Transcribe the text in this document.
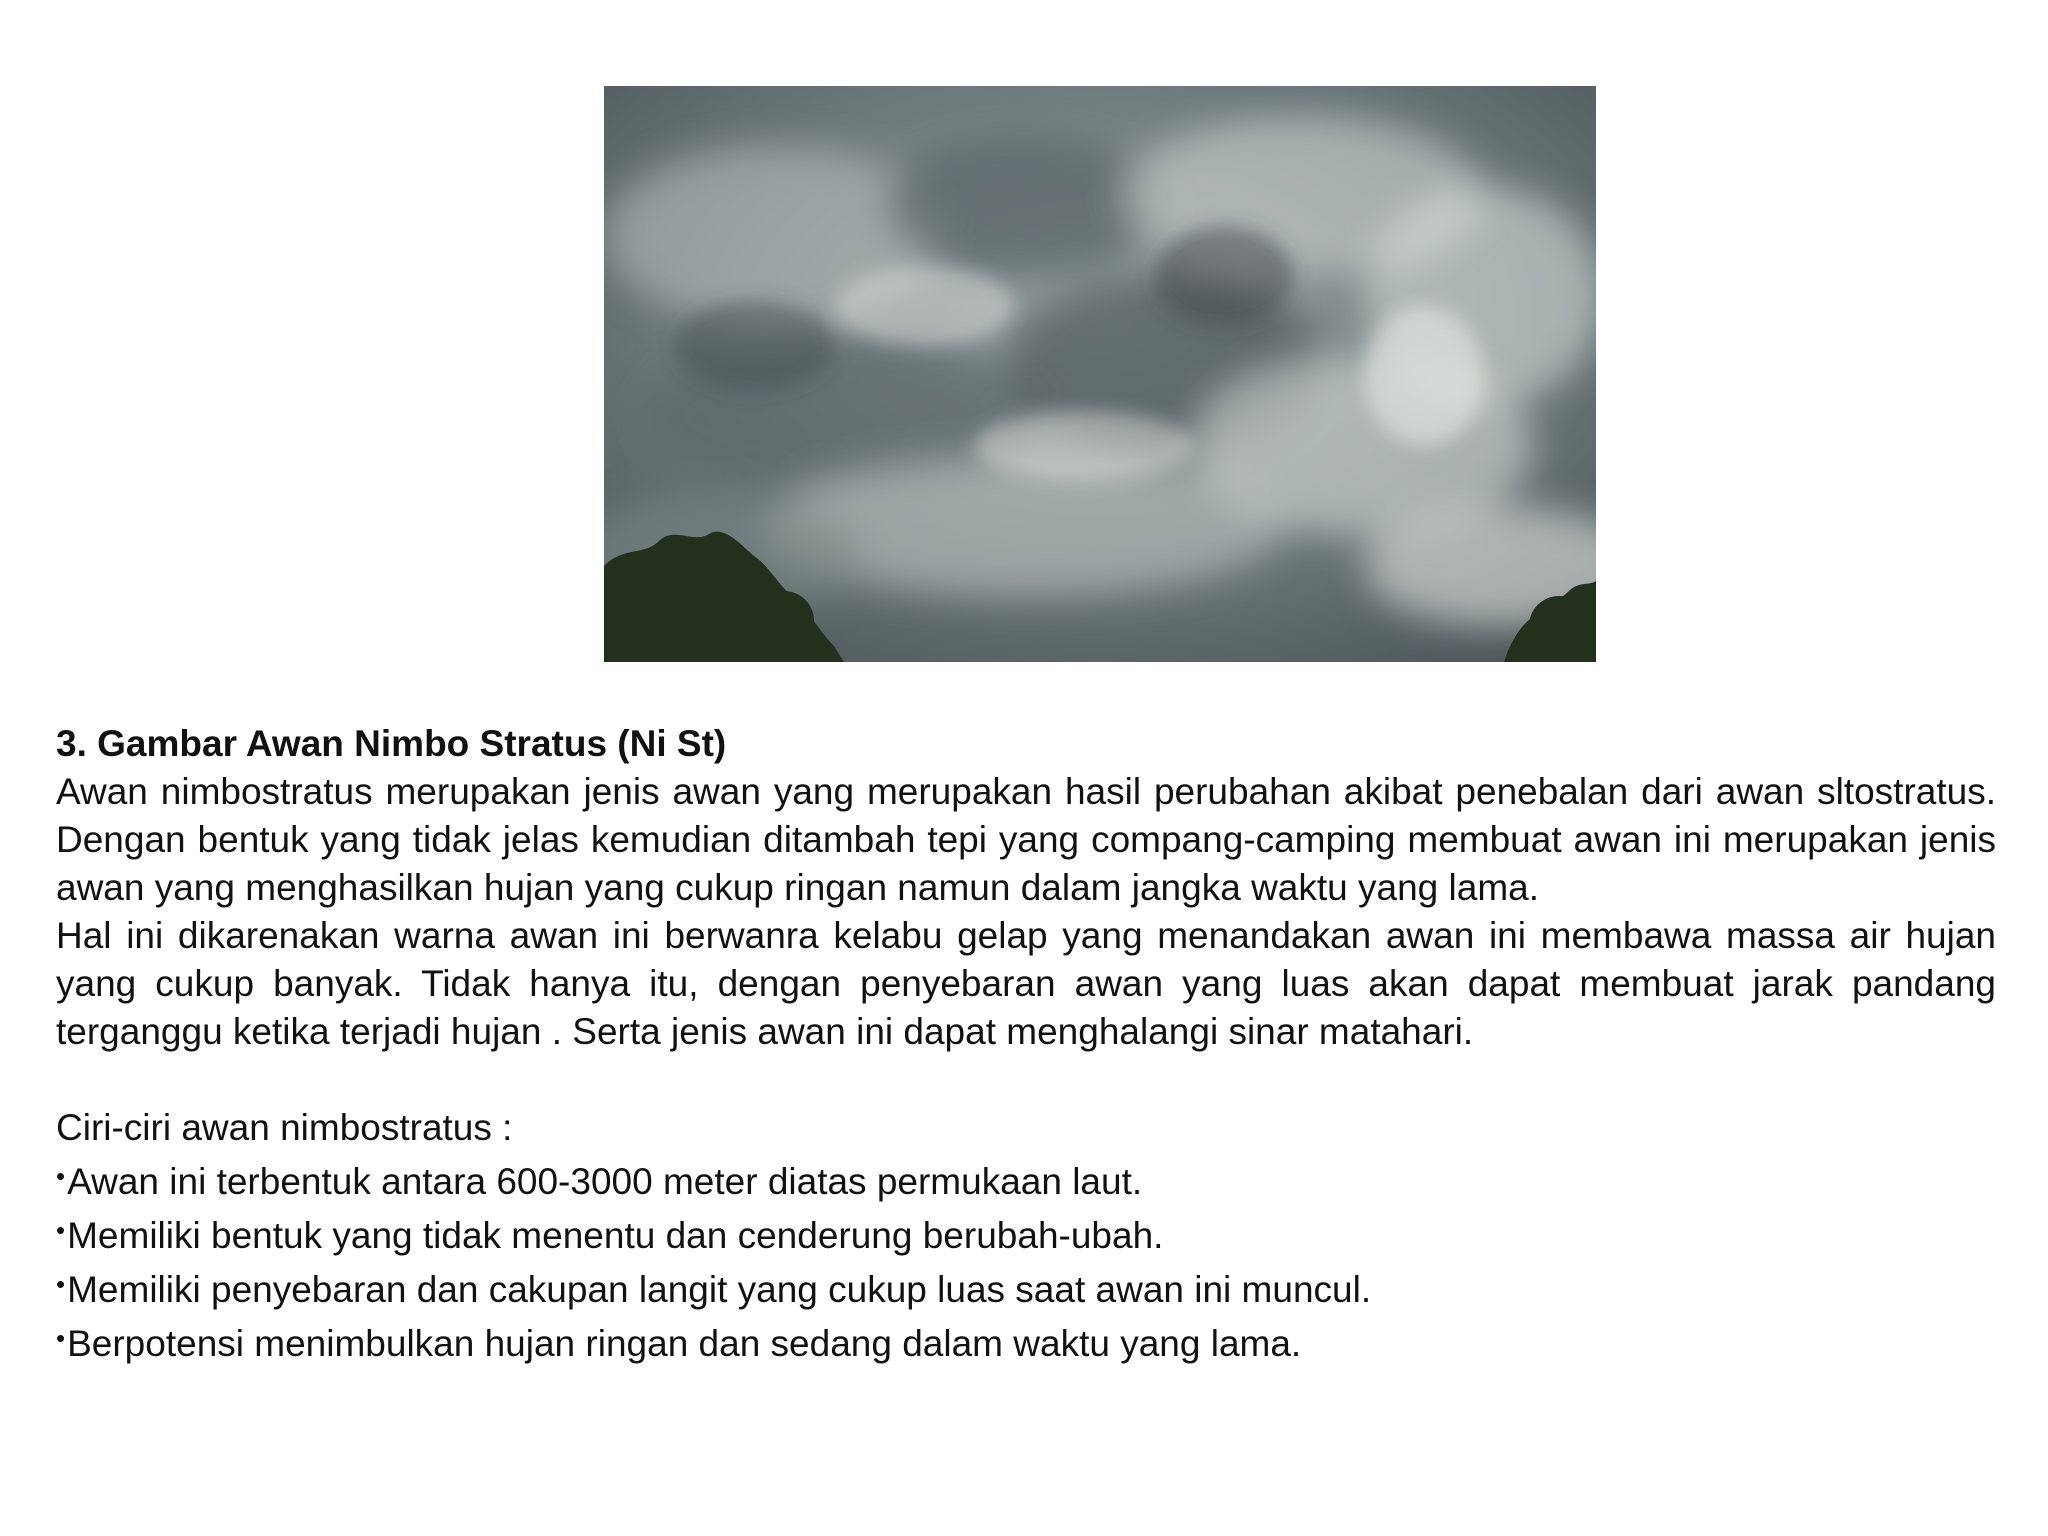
3. Gambar Awan Nimbo Stratus (Ni St)

Awan nimbostratus merupakan jenis awan yang merupakan hasil perubahan akibat penebalan dari awan sltostratus. Dengan bentuk yang tidak jelas kemudian ditambah tepi yang compang-camping membuat awan ini merupakan jenis awan yang menghasilkan hujan yang cukup ringan namun dalam jangka waktu yang lama.

Hal ini dikarenakan warna awan ini berwanra kelabu gelap yang menandakan awan ini membawa massa air hujan yang cukup banyak. Tidak hanya itu, dengan penyebaran awan yang luas akan dapat membuat jarak pandang terganggu ketika terjadi hujan . Serta jenis awan ini dapat menghalangi sinar matahari.

Ciri-ciri awan nimbostratus :

•Awan ini terbentuk antara 600-3000 meter diatas permukaan laut.
•Memiliki bentuk yang tidak menentu dan cenderung berubah-ubah.
•Memiliki penyebaran dan cakupan langit yang cukup luas saat awan ini muncul.
•Berpotensi menimbulkan hujan ringan dan sedang dalam waktu yang lama.
